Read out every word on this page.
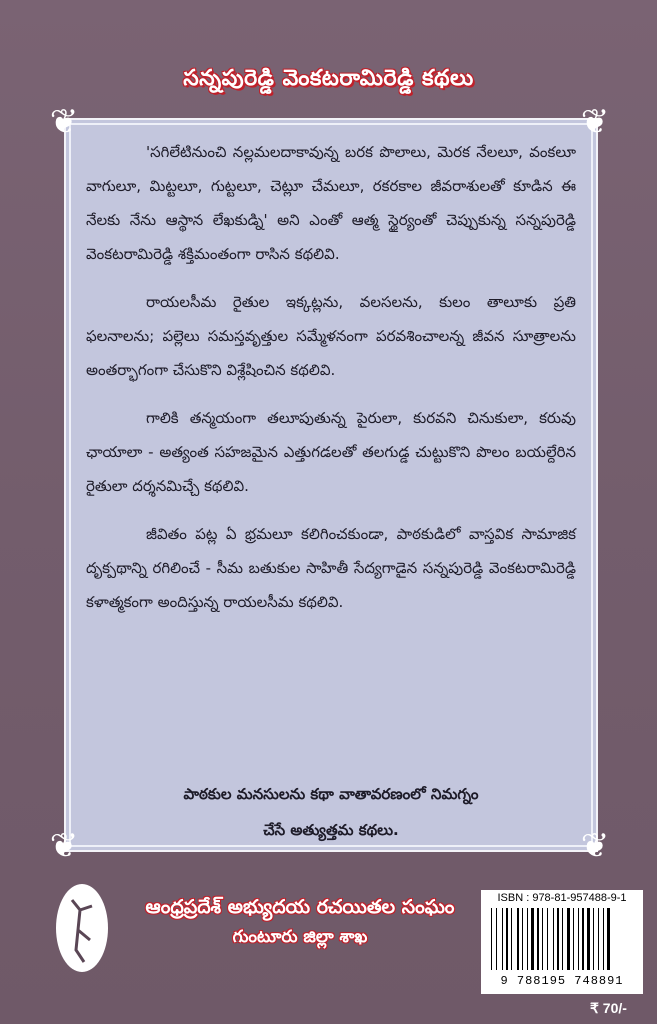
సన్నపురెడ్డి వెంకటరామిరెడ్డి కథలు
❦	❦
❦	❦

'సగిలేటినుంచి నల్లమలదాకావున్న బరక పొలాలు, మెరక నేలలూ, వంకలూ వాగులూ, మిట్టలూ, గుట్టలూ, చెట్లూ చేమలూ, రకరకాల జీవరాశులతో కూడిన ఈ నేలకు నేను ఆస్థాన లేఖకుడ్ని' అని ఎంతో ఆత్మ స్థైర్యంతో చెప్పుకున్న సన్నపురెడ్డి వెంకటరామిరెడ్డి శక్తిమంతంగా రాసిన కథలివి.

రాయలసీమ రైతుల ఇక్కట్లను, వలసలను, కులం తాలూకు ప్రతి ఫలనాలను; పల్లెలు సమస్తవృత్తుల సమ్మేళనంగా పరవశించాలన్న జీవన సూత్రాలను అంతర్భాగంగా చేసుకొని విశ్లేషించిన కథలివి.

గాలికి తన్మయంగా తలూపుతున్న పైరులా, కురవని చినుకులా, కరువు ఛాయాలా - అత్యంత సహజమైన ఎత్తుగడలతో తలగుడ్డ చుట్టుకొని పొలం బయల్దేరిన రైతులా దర్శనమిచ్చే కథలివి.

జీవితం పట్ల ఏ భ్రమలూ కలిగించకుండా, పాఠకుడిలో వాస్తవిక సామాజిక దృక్పథాన్ని రగిలించే - సీమ బతుకుల సాహితీ సేద్యగాడైన సన్నపురెడ్డి వెంకటరామిరెడ్డి కళాత్మకంగా అందిస్తున్న రాయలసీమ కథలివి.

పాఠకుల మనసులను కథా వాతావరణంలో నిమగ్నం
చేసే అత్యుత్తమ కథలు.
ఆంధ్రప్రదేశ్ అభ్యుదయ రచయితల సంఘం
గుంటూరు జిల్లా శాఖ
ISBN : 978-81-957488-9-1
9 788195 748891
₹ 70/-
